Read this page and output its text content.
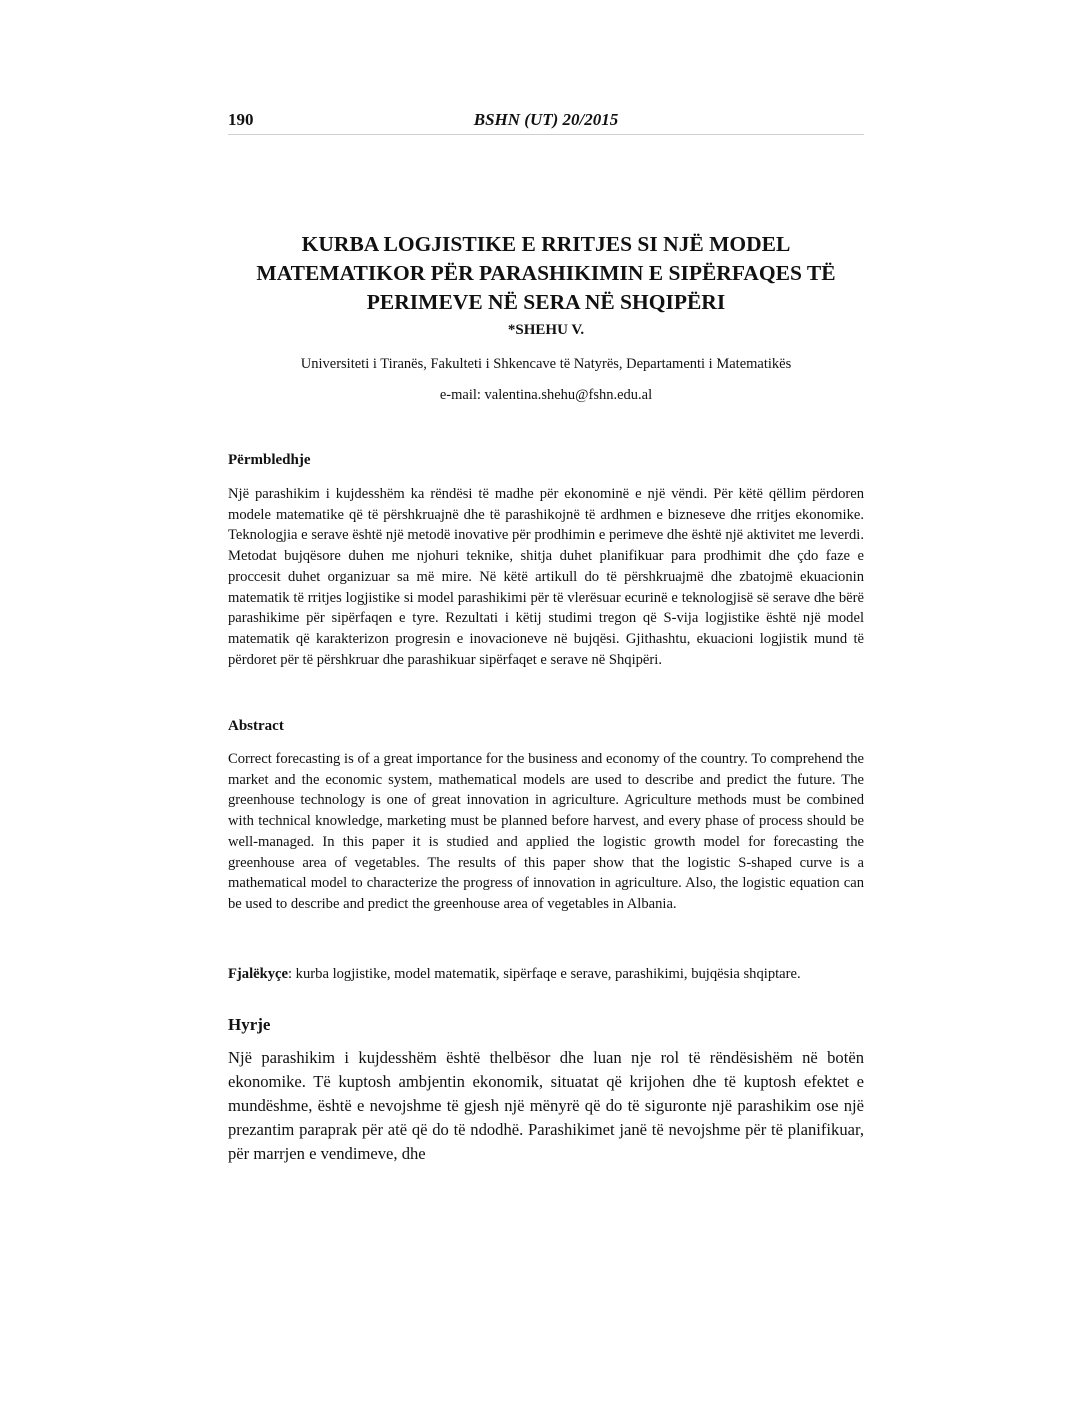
190	BSHN (UT) 20/2015
KURBA LOGJISTIKE E RRITJES SI NJË MODEL MATEMATIKOR PËR PARASHIKIMIN E SIPËRFAQES TË PERIMEVE NË SERA NË SHQIPËRI
*SHEHU V.
Universiteti i Tiranës, Fakulteti i Shkencave të Natyrës, Departamenti i Matematikës
e-mail: valentina.shehu@fshn.edu.al
Përmbledhje

Një parashikim i kujdesshëm ka rëndësi të madhe për ekonominë e një vëndi. Për këtë qëllim përdoren modele matematike që të përshkruajnë dhe të parashikojnë të ardhmen e bizneseve dhe rritjes ekonomike. Teknologjia e serave është një metodë inovative për prodhimin e perimeve dhe është një aktivitet me leverdi. Metodat bujqësore duhen me njohuri teknike, shitja duhet planifikuar para prodhimit dhe çdo faze e proccesit duhet organizuar sa më mire. Në këtë artikull do të përshkruajmë dhe zbatojmë ekuacionin matematik të rritjes logjistike si model parashikimi për të vlerësuar ecurinë e teknologjisë së serave dhe bërë parashikime për sipërfaqen e tyre. Rezultati i këtij studimi tregon që S-vija logjistike është një model matematik që karakterizon progresin e inovacioneve në bujqësi. Gjithashtu, ekuacioni logjistik mund të përdoret për të përshkruar dhe parashikuar sipërfaqet e serave në Shqipëri.

Abstract

Correct forecasting is of a great importance for the business and economy of the country. To comprehend the market and the economic system, mathematical models are used to describe and predict the future. The greenhouse technology is one of great innovation in agriculture. Agriculture methods must be combined with technical knowledge, marketing must be planned before harvest, and every phase of process should be well-managed. In this paper it is studied and applied the logistic growth model for forecasting the greenhouse area of vegetables. The results of this paper show that the logistic S-shaped curve is a mathematical model to characterize the progress of innovation in agriculture. Also, the logistic equation can be used to describe and predict the greenhouse area of vegetables in Albania.

Fjalëkyçe: kurba logjistike, model matematik, sipërfaqe e serave, parashikimi, bujqësia shqiptare.

Hyrje

Një parashikim i kujdesshëm është thelbësor dhe luan nje rol të rëndësishëm në botën ekonomike. Të kuptosh ambjentin ekonomik, situatat që krijohen dhe të kuptosh efektet e mundëshme, është e nevojshme të gjesh një mënyrë që do të siguronte një parashikim ose një prezantim paraprak për atë që do të ndodhë. Parashikimet janë të nevojshme për të planifikuar, për marrjen e vendimeve, dhe
